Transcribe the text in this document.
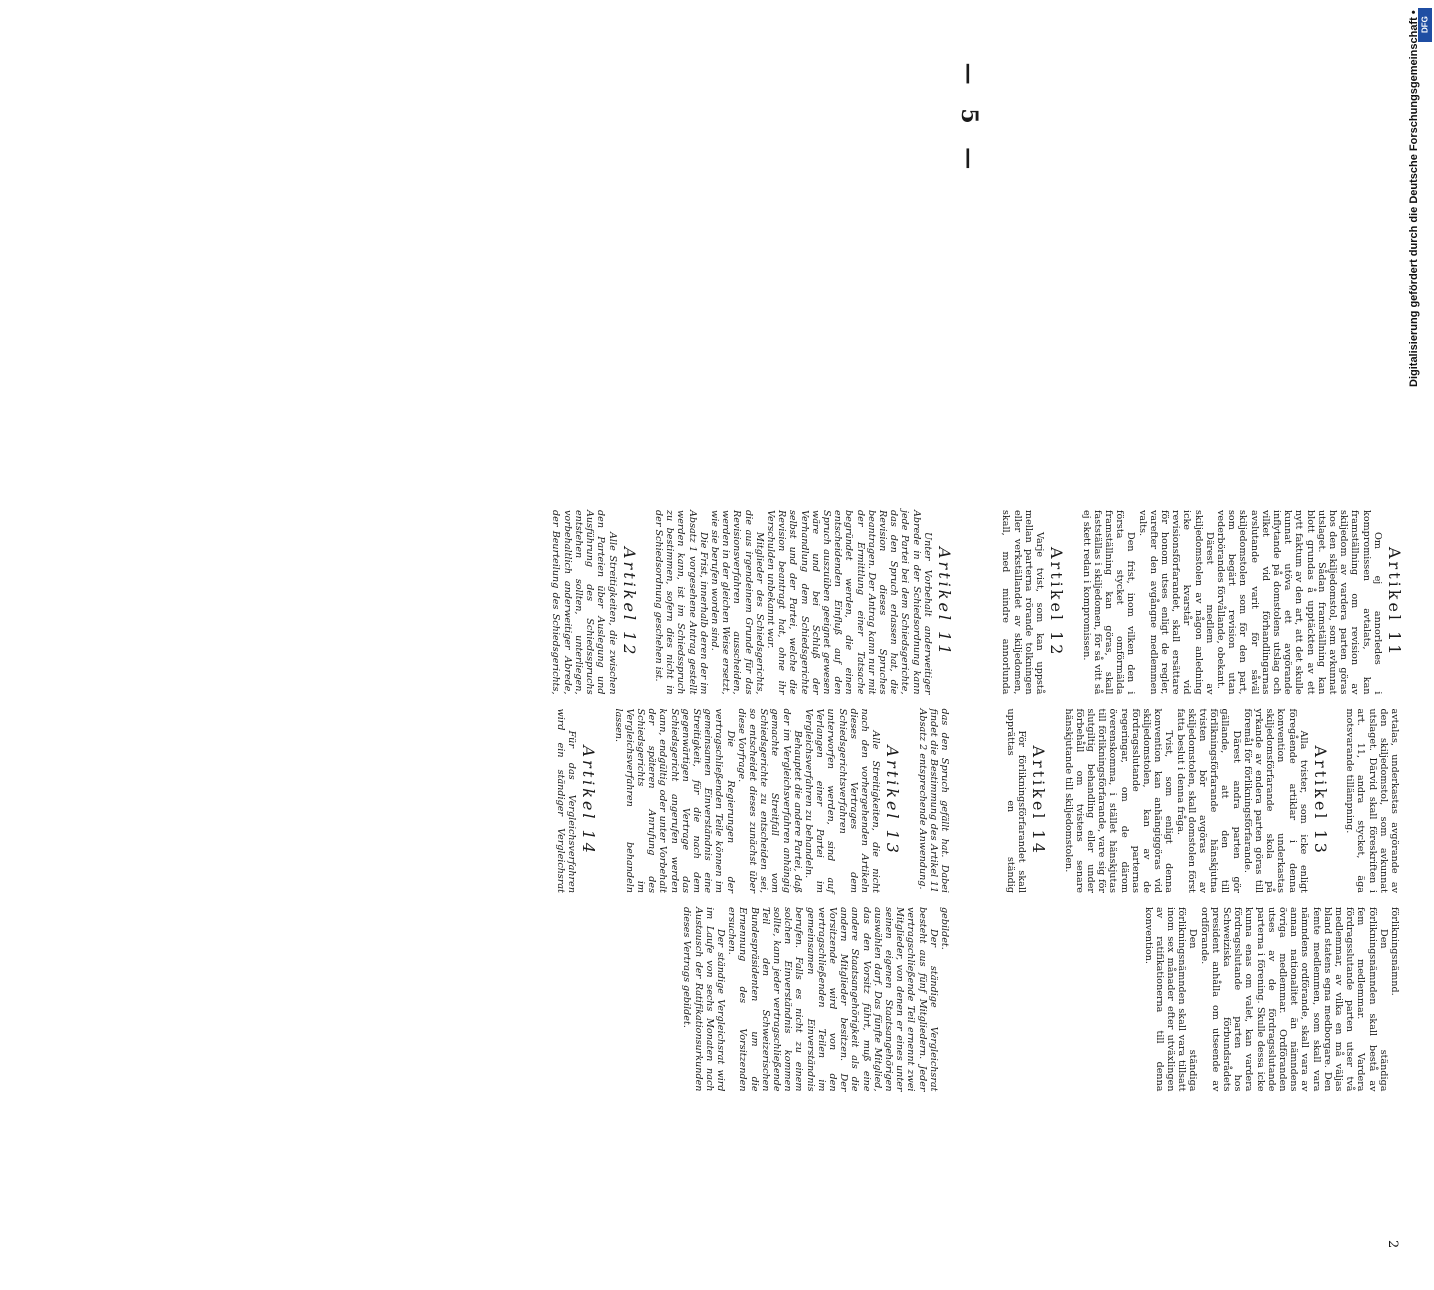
DFG
Digitalisierung gefördert durch die Deutsche Forschungsgemeinschaft •
— 5 —
Artikel 11

Unter Vorbehalt anderweitiger Abrede in der Schiedsordnung kann jede Partei bei dem Schiedsgerichte, das den Spruch erlassen hat, die Revision dieses Spruches beantragen. Der Antrag kann nur mit der Ermittlung einer Tatsache begründet werden, die einen entscheidenden Einfluß auf den Spruch auszuüben geeignet gewesen wäre und bei Schluß der Verhandlung dem Schiedsgerichte selbst und der Partei, welche die Revision beantragt hat, ohne ihr Verschulden unbekannt war.

Mitglieder des Schiedsgerichts, die aus irgendeinem Grunde für das Revisionsverfahren ausscheiden, werden in der gleichen Weise ersetzt, wie sie berufen worden sind.

Die Frist, innerhalb deren der im Absatz 1 vorgesehene Antrag gestellt werden kann, ist im Schiedsspruch zu bestimmen, sofern dies nicht in der Schiedsordnung geschehen ist.

Artikel 12

Alle Streitigkeiten, die zwischen den Parteien über Auslegung und Ausführung des Schiedsspruchs entstehen sollten, unterliegen, vorbehaltlich anderweitiger Abrede, der Beurteilung des Schiedsgerichts, das den Spruch gefällt hat. Dabei findet die Bestimmung des Artikel 11 Absatz 2 entsprechende Anwendung.

Artikel 13

Alle Streitigkeiten, die nicht nach den vorhergehenden Artikeln dieses Vertrages dem Schiedsgerichtsverfahren unterworfen werden, sind auf Verlangen einer Partei im Vergleichsverfahren zu behandeln.

Behauptet die andere Partei, daß der im Vergleichsverfahren anhängig gemachte Streitfall vom Schiedsgerichte zu entscheiden sei, so entscheidet dieses zunächst über diese Vorfrage.

Die Regierungen der vertragschließenden Teile können im gemeinsamen Einverständnis eine Streitigkeit, für die nach dem gegenwärtigen Vertrage das Schiedsgericht angerufen werden kann, endgültig oder unter Vorbehalt der späteren Anrufung des Schiedsgerichts im Vergleichsverfahren behandeln lassen.

Artikel 14

Für das Vergleichsverfahren wird ein ständiger Vergleichsrat gebildet.

Der ständige Vergleichsrat besteht aus fünf Mitgliedern. Jeder vertragschließende Teil ernennt zwei Mitglieder, von denen er eines unter seinen eigenen Staatsangehörigen auswählen darf. Das fünfte Mitglied, das den Vorsitz führt, muß eine andere Staatsangehörigkeit als die andern Mitglieder besitzen. Der Vorsitzende wird von den vertragschließenden Teilen im gemeinsamen Einverständnis berufen. Falls es nicht zu einem solchen Einverständnis kommen sollte, kann jeder vertragschließende Teil den Schweizerischen Bundespräsidenten um die Ernennung des Vorsitzenden ersuchen.

Der ständige Vergleichsrat wird im Laufe von sechs Monaten nach Austausch der Ratifikationsurkunden dieses Vertrags gebildet.

Artikel 11

Om ej annorledes i kompromissen avtalats, kan framställning om revision av skiljedom av vardera parten göras hos den skiljedomstol, som avkunnat utslaget. Sådan framställning kan blott grundas å upptäckten av ett nytt faktum av den art, att det skulle kunnat utöva ett avgörande inflytande på domstolens utslag och vilket vid förhandlingarnas avslutande varit för såväl skiljedomstolen som för den part, som begärt revision utan vederbörandes förvållande, obekant.

Därest medlem av skiljedomstolen av någon anledning icke kvarstår vid revisionsförfarandet, skall ersättare för honom utses enligt de regler, varefter den avgångne medlemmen valts.

Den frist, inom vilken den i första stycket omförmälda framställning kan göras, skall fastställas i skiljedomen, för så vitt så ej skett redan i kompromissen.

Artikel 12

Varje tvist, som kan uppstå mellan parterna rörande tolkningen eller verkställandet av skiljedomen, skall, med mindre annorlunda avtalas, underkastas avgörande av den skiljedomstol, som avkunnat utslaget. Därvid skall föreskriften i art. 11, andra stycket, äga motsvarande tillämpning.

Artikel 13

Alla tvister, som icke enligt föregående artiklar i denna konvention underkastas skiljedomsförfarande skola på yrkande av endera parten göras till föremål för förlikningsförfarande.

Därest andra parten gör gällande, att den till förlikningsförfarande hänskjutna tvisten bör avgöras av skiljedomstolen, skall domstolen först fatta beslut i denna fråga.

Tvist, som enligt denna konvention kan anhängiggöras vid skiljedomstolen, kan av de fördragsslutande parternas regeringar, om de därom överenskomma, i stället hänskjutas till förlikningsförfarande, vare sig för slutgiltig behandling eller under förbehåll om tvistens senare hänskjutande till skiljedomstolen.

Artikel 14

För förlikningsförfarandet skall upprättas en ständig förlikningsnämnd.

Den ständiga förlikningsnämnden skall bestå av fem medlemmar. Vardera fördragsslutande parten utser två medlemmar, av vilka en må väljas bland statens egna medborgare. Den femte medlemmen, som skall vara nämndens ordförande, skall vara av annan nationalitet än nämndens övriga medlemmar. Ordföranden utses av de fördragsslutande parterna i förening. Skulle dessa icke kunna enas om valet, kan vardera fördragsslutande parten hos Schweiziska förbundsrådets president anhålla om utseende av ordförande.

Den ständiga förlikningsnämnden skall vara tillsatt inom sex månader efter utväxlingen av ratifikationerna till denna konvention.

2
